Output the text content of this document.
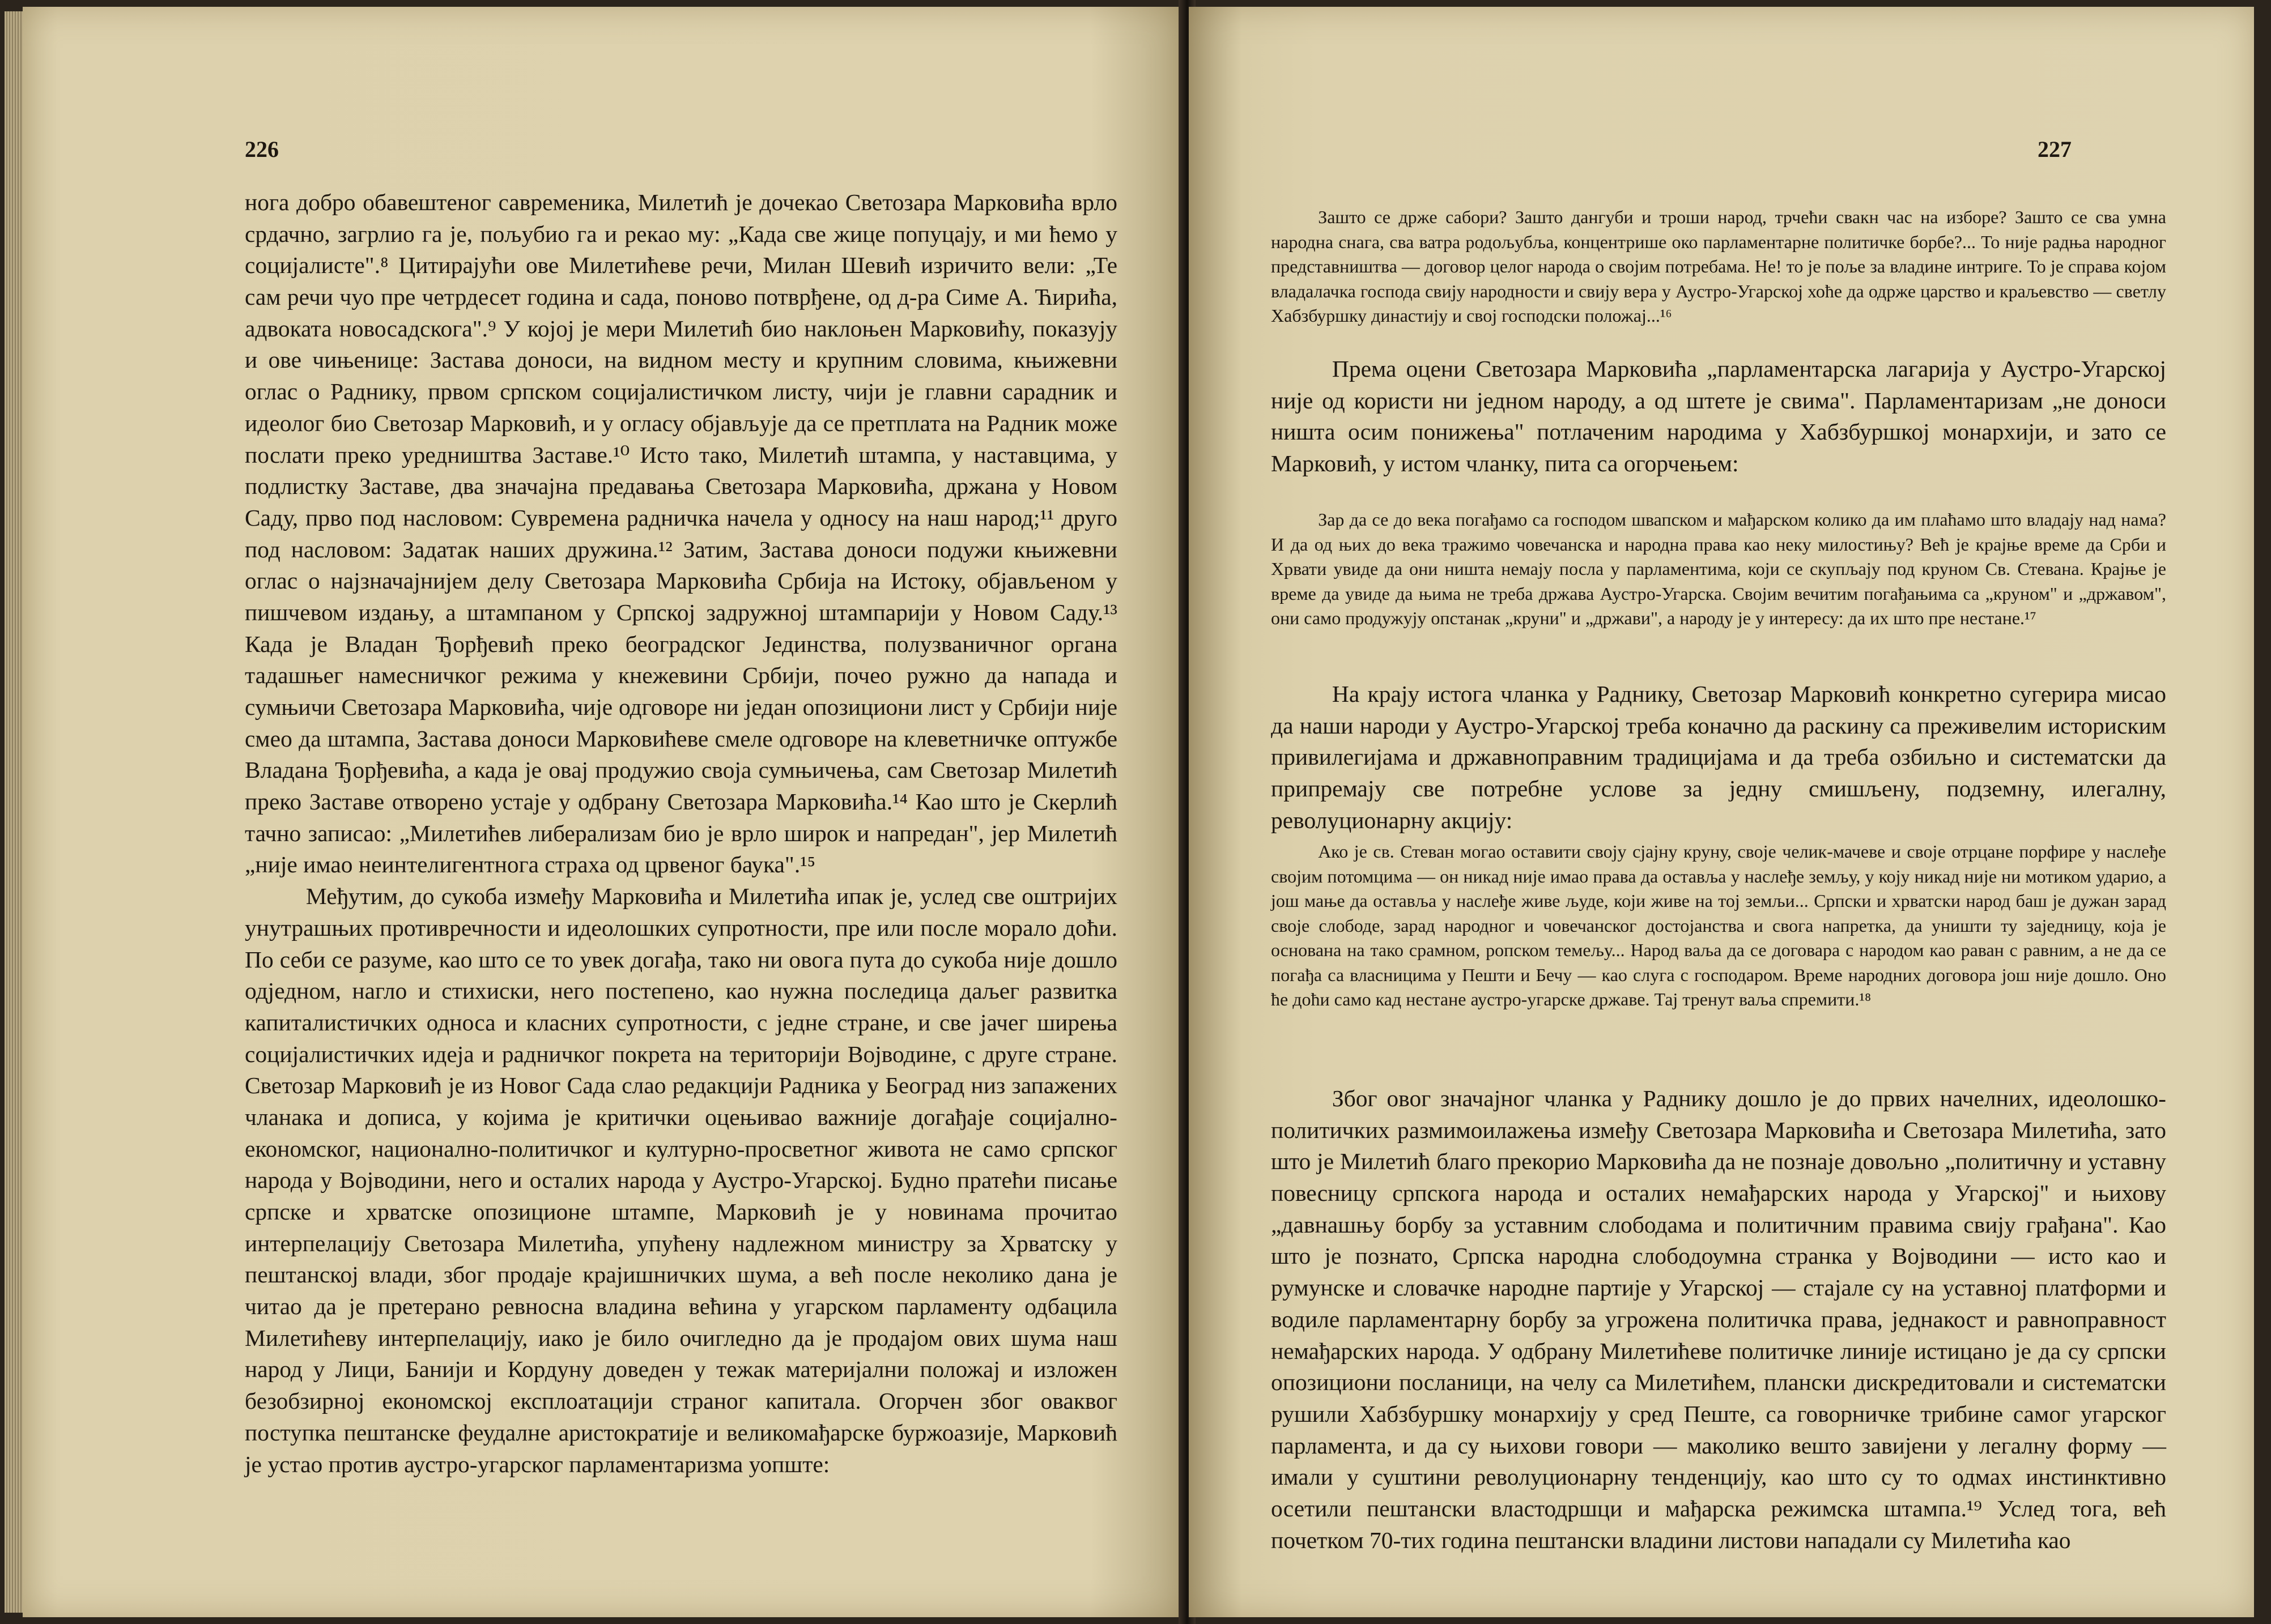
226

нога добро обавештеног савременика, Милетић је дочекао Светозара Марковића врло срдачно, загрлио га је, пољубио га и рекао му: „Када све жице попуцају, и ми ћемо у социјалисте".⁸ Цитирајући ове Милетићеве речи, Милан Шевић изричито вели: „Те сам речи чуо пре четрдесет година и сада, поново потврђене, од д-ра Симе А. Ћирића, адвоката новосадскога".⁹ У којој је мери Милетић био наклоњен Марковићу, показују и ове чињенице: Застава доноси, на видном месту и крупним словима, књижевни оглас о Раднику, првом српском социјалистичком листу, чији је главни сарадник и идеолог био Светозар Марковић, и у огласу објављује да се претплата на Радник може послати преко уредништва Заставе.¹⁰ Исто тако, Милетић штампа, у наставцима, у подлистку Заставе, два значајна предавања Светозара Марковића, држана у Новом Саду, прво под насловом: Сувремена радничка начела у односу на наш народ;¹¹ друго под насловом: Задатак наших дружина.¹² Затим, Застава доноси подужи књижевни оглас о најзначајнијем делу Светозара Марковића Србија на Истоку, објављеном у пишчевом издању, а штампаном у Српској задружној штампарији у Новом Саду.¹³ Када је Владан Ђорђевић преко београдског Јединства, полузваничног органа тадашњег намесничког режима у кнежевини Србији, почео ружно да напада и сумњичи Светозара Марковића, чије одговоре ни један опозициони лист у Србији није смео да штампа, Застава доноси Марковићеве смеле одговоре на клеветничке оптужбе Владана Ђорђевића, а када је овај продужио своја сумњичења, сам Светозар Милетић преко Заставе отворено устаје у одбрану Светозара Марковића.¹⁴ Као што је Скерлић тачно записао: „Милетићев либерализам био је врло широк и напредан", јер Милетић „није имао неинтелигентнога страха од црвеног баука".¹⁵

Међутим, до сукоба између Марковића и Милетића ипак је, услед све оштријих унутрашњих противречности и идеолошких супротности, пре или после морало доћи. По себи се разуме, као што се то увек догађа, тако ни овога пута до сукоба није дошло одједном, нагло и стихиски, него постепено, као нужна последица даљег развитка капиталистичких односа и класних супротности, с једне стране, и све јачег ширења социјалистичких идеја и радничког покрета на територији Војводине, с друге стране. Светозар Марковић је из Новог Сада слао редакцији Радника у Београд низ запажених чланака и дописа, у којима је критички оцењивао важније догађаје социјално-економског, национално-политичког и културно-просветног живота не само српског народа у Војводини, него и осталих народа у Аустро-Угарској. Будно пратећи писање српске и хрватске опозиционе штампе, Марковић је у новинама прочитао интерпелацију Светозара Милетића, упућену надлежном министру за Хрватску у пештанској влади, због продаје крајишничких шума, а већ после неколико дана је читао да је претерано ревносна владина већина у угарском парламенту одбацила Милетићеву интерпелацију, иако је било очигледно да је продајом ових шума наш народ у Лици, Банији и Кордуну доведен у тежак материјални положај и изложен безобзирној економској експлоатацији страног капитала. Огорчен због оваквог поступка пештанске феудалне аристократије и великомађарске буржоазије, Марковић је устао против аустро-угарског парламентаризма уопште:

227

Зашто се држе сабори? Зашто дангуби и троши народ, трчећи свакн час на изборе? Зашто се сва умна народна снага, сва ватра родољубља, концентрише око парламентарне политичке борбе?... То није радња народног представништва — договор целог народа о својим потребама. Не! то је поље за владине интриге. То је справа којом владалачка господа свију народности и свију вера у Аустро-Угарској хоће да одрже царство и краљевство — светлу Хабзбуршку династију и свој господски положај...¹⁶

Према оцени Светозара Марковића „парламентарска лагарија у Аустро-Угарској није од користи ни једном народу, а од штете је свима". Парламентаризам „не доноси ништа осим понижења" потлаченим народима у Хабзбуршкој монархији, и зато се Марковић, у истом чланку, пита са огорчењем:

Зар да се до века погађамо са господом швапском и мађарском колико да им плаћамо што владају над нама? И да од њих до века тражимо човечанска и народна права као неку милостињу? Већ је крајње време да Срби и Хрвати увиде да они ништа немају посла у парламентима, који се скупљају под круном Св. Стевана. Крајње је време да увиде да њима не треба држава Аустро-Угарска. Својим вечитим погађањима са „круном" и „државом", они само продужују опстанак „круни" и „држави", а народу је у интересу: да их што пре нестане.¹⁷

На крају истога чланка у Раднику, Светозар Марковић конкретно сугерира мисао да наши народи у Аустро-Угарској треба коначно да раскину са преживелим историским привилегијама и државноправним традицијама и да треба озбиљно и систематски да припремају све потребне услове за једну смишљену, подземну, илегалну, револуционарну акцију:

Ако је св. Стеван могао оставити своју сјајну круну, своје челик-мачеве и своје отрцане порфире у наслеђе својим потомцима — он никад није имао права да оставља у наслеђе земљу, у коју никад није ни мотиком ударио, а још мање да оставља у наслеђе живе људе, који живе на тој земљи... Српски и хрватски народ баш је дужан зарад своје слободе, зарад народног и човечанског достојанства и свога напретка, да уништи ту заједницу, која је основана на тако срамном, ропском темељу... Народ ваља да се договара с народом као раван с равним, а не да се погађа са власницима у Пешти и Бечу — као слуга с господаром. Време народних договора још није дошло. Оно ће доћи само кад нестане аустро-угарске државе. Тај тренут ваља спремити.¹⁸

Због овог значајног чланка у Раднику дошло је до првих начелних, идеолошко-политичких размимоилажења између Светозара Марковића и Светозара Милетића, зато што је Милетић благо прекорио Марковића да не познаје довољно „политичну и уставну повесницу српскога народа и осталих немађарских народа у Угарској" и њихову „давнашњу борбу за уставним слободама и политичним правима свију грађана". Као што је познато, Српска народна слободоумна странка у Војводини — исто као и румунске и словачке народне партије у Угарској — стајале су на уставној платформи и водиле парламентарну борбу за угрожена политичка права, једнакост и равноправност немађарских народа. У одбрану Милетићеве политичке линије истицано је да су српски опозициони посланици, на челу са Милетићем, плански дискредитовали и систематски рушили Хабзбуршку монархију у сред Пеште, са говорничке трибине самог угарског парламента, и да су њихови говори — маколико вешто завијени у легалну форму — имали у суштини револуционарну тенденцију, као што су то одмах инстинктивно осетили пештански властодршци и мађарска режимска штампа.¹⁹ Услед тога, већ почетком 70-тих година пештански владини листови нападали су Милетића као
